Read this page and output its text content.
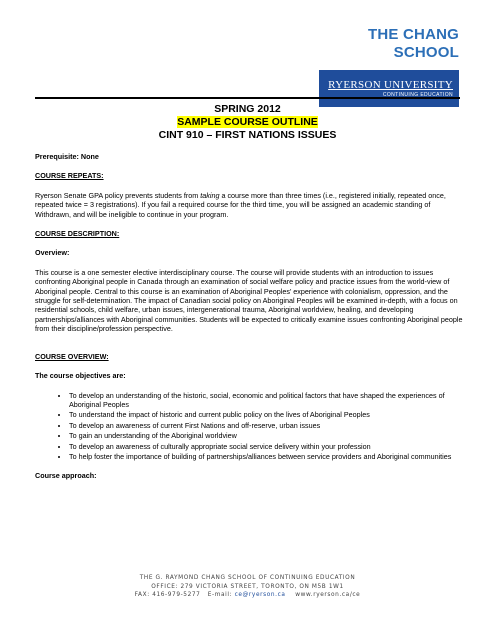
THE CHANG SCHOOL
RYERSON UNIVERSITY
CONTINUING EDUCATION
SPRING 2012
SAMPLE COURSE OUTLINE
CINT 910 – FIRST NATIONS ISSUES

Prerequisite: None

COURSE REPEATS:

Ryerson Senate GPA policy prevents students from taking a course more than three times (i.e., registered initially, repeated once, repeated twice = 3 registrations). If you fail a required course for the third time, you will be assigned an academic standing of Withdrawn, and will be ineligible to continue in your program.

COURSE DESCRIPTION:

Overview:

This course is a one semester elective interdisciplinary course. The course will provide students with an introduction to issues confronting Aboriginal people in Canada through an examination of social welfare policy and practice issues from the world-view of Aboriginal people. Central to this course is an examination of Aboriginal Peoples’ experience with colonialism, oppression, and the struggle for self-determination. The impact of Canadian social policy on Aboriginal Peoples will be examined in-depth, with a focus on residential schools, child welfare, urban issues, intergenerational trauma, Aboriginal worldview, healing, and developing partnerships/alliances with Aboriginal communities. Students will be expected to critically examine issues confronting Aboriginal people from their discipline/profession perspective.

COURSE OVERVIEW:

The course objectives are:

• To develop an understanding of the historic, social, economic and political factors that have shaped the experiences of Aboriginal Peoples
• To understand the impact of historic and current public policy on the lives of Aboriginal Peoples
• To develop an awareness of current First Nations and off-reserve, urban issues
• To gain an understanding of the Aboriginal worldview
• To develop an awareness of culturally appropriate social service delivery within your profession
• To help foster the importance of building of partnerships/alliances between service providers and Aboriginal communities

Course approach:

THE G. RAYMOND CHANG SCHOOL OF CONTINUING EDUCATION
OFFICE: 279 VICTORIA STREET, TORONTO, ON M5B 1W1
FAX: 416-979-5277 E-mail: ce@ryerson.ca www.ryerson.ca/ce
